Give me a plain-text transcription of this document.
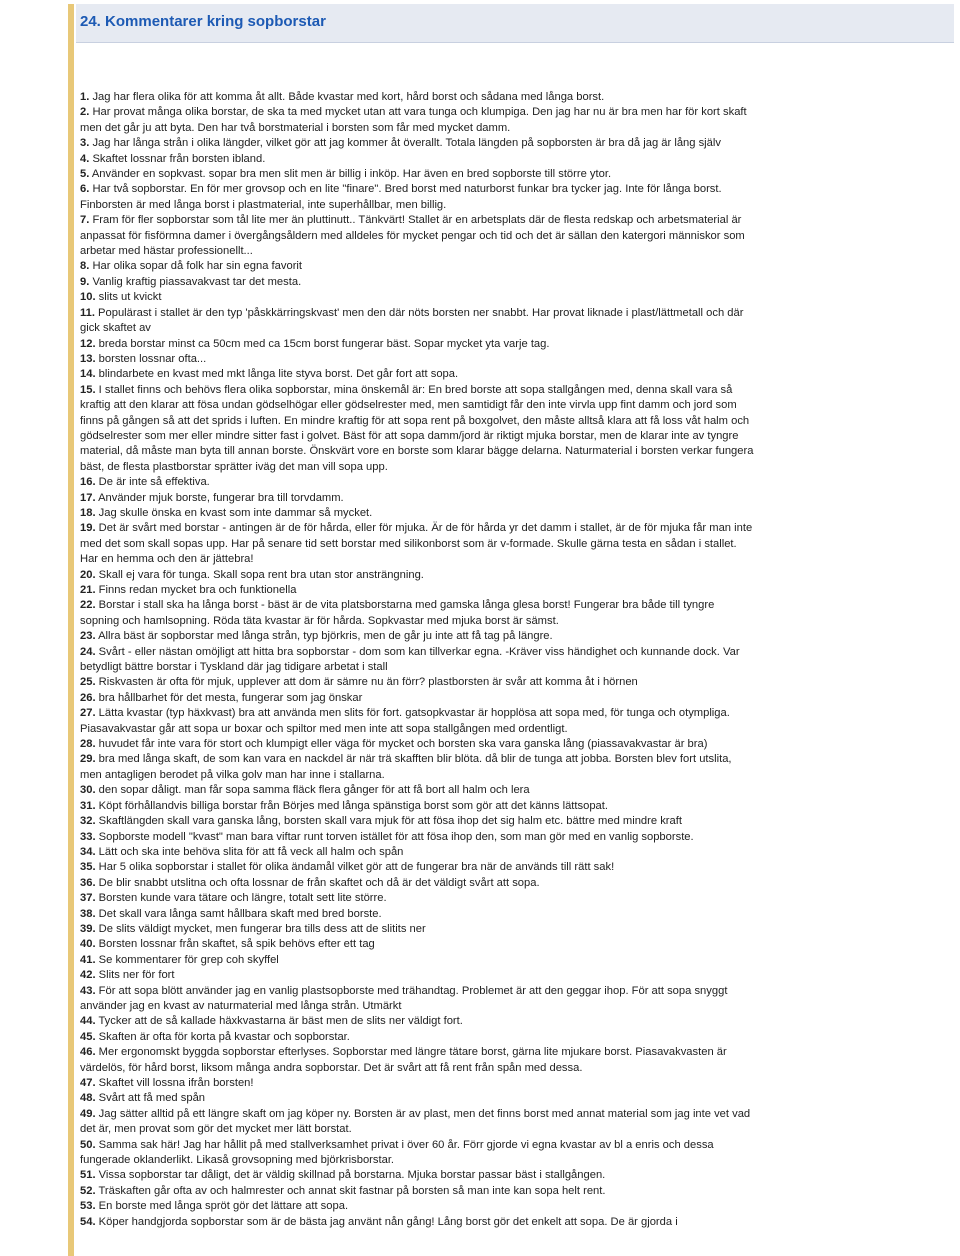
24. Kommentarer kring sopborstar

1. Jag har flera olika för att komma åt allt. Både kvastar med kort, hård borst och sådana med långa borst.

2. Har provat många olika borstar, de ska ta med mycket utan att vara tunga och klumpiga. Den jag har nu är bra men har för kort skaft men det går ju att byta. Den har två borstmaterial i borsten som får med mycket damm.

3. Jag har långa strån i olika längder, vilket gör att jag kommer åt överallt. Totala längden på sopborsten är bra då jag är lång själv

4. Skaftet lossnar från borsten ibland.

5. Använder en sopkvast. sopar bra men slit men är billig i inköp. Har även en bred sopborste till större ytor.

6. Har två sopborstar. En för mer grovsop och en lite "finare". Bred borst med naturborst funkar bra tycker jag. Inte för långa borst. Finborsten är med långa borst i plastmaterial, inte superhållbar, men billig.

7. Fram för fler sopborstar som tål lite mer än pluttinutt.. Tänkvärt! Stallet är en arbetsplats där de flesta redskap och arbetsmaterial är anpassat för fisförmna damer i övergångsåldern med alldeles för mycket pengar och tid och det är sällan den katergori människor som arbetar med hästar professionellt...

8. Har olika sopar då folk har sin egna favorit

9. Vanlig kraftig piassavakvast tar det mesta.

10. slits ut kvickt

11. Populärast i stallet är den typ 'påskkärringskvast' men den där nöts borsten ner snabbt. Har provat liknade i plast/lättmetall och där gick skaftet av

12. breda borstar minst ca 50cm med ca 15cm borst fungerar bäst. Sopar mycket yta varje tag.

13. borsten lossnar ofta...

14. blindarbete en kvast med mkt långa lite styva borst. Det går fort att sopa.

15. I stallet finns och behövs flera olika sopborstar, mina önskemål är: En bred borste att sopa stallgången med, denna skall vara så kraftig att den klarar att fösa undan gödselhögar eller gödselrester med, men samtidigt får den inte virvla upp fint damm och jord som finns på gången så att det sprids i luften. En mindre kraftig för att sopa rent på boxgolvet, den måste alltså klara att få loss våt halm och gödselrester som mer eller mindre sitter fast i golvet. Bäst för att sopa damm/jord är riktigt mjuka borstar, men de klarar inte av tyngre material, då måste man byta till annan borste. Önskvärt vore en borste som klarar bägge delarna. Naturmaterial i borsten verkar fungera bäst, de flesta plastborstar sprätter iväg det man vill sopa upp.

16. De är inte så effektiva.

17. Använder mjuk borste, fungerar bra till torvdamm.

18. Jag skulle önska en kvast som inte dammar så mycket.

19. Det är svårt med borstar - antingen är de för hårda, eller för mjuka. Är de för hårda yr det damm i stallet, är de för mjuka får man inte med det som skall sopas upp. Har på senare tid sett borstar med silikonborst som är v-formade. Skulle gärna testa en sådan i stallet. Har en hemma och den är jättebra!

20. Skall ej vara för tunga. Skall sopa rent bra utan stor ansträngning.

21. Finns redan mycket bra och funktionella

22. Borstar i stall ska ha långa borst - bäst är de vita platsborstarna med gamska långa glesa borst! Fungerar bra både till tyngre sopning och hamlsopning. Röda täta kvastar är för hårda. Sopkvastar med mjuka borst är sämst.

23. Allra bäst är sopborstar med långa strån, typ björkris, men de går ju inte att få tag på längre.

24. Svårt - eller nästan omöjligt att hitta bra sopborstar - dom som kan tillverkar egna. -Kräver viss händighet och kunnande dock. Var betydligt bättre borstar i Tyskland där jag tidigare arbetat i stall

25. Riskvasten är ofta för mjuk, upplever att dom är sämre nu än förr? plastborsten är svår att komma åt i hörnen

26. bra hållbarhet för det mesta, fungerar som jag önskar

27. Lätta kvastar (typ häxkvast) bra att använda men slits för fort. gatsopkvastar är hopplösa att sopa med, för tunga och otympliga. Piasavakvastar går att sopa ur boxar och spiltor med men inte att sopa stallgången med ordentligt.

28. huvudet får inte vara för stort och klumpigt eller väga för mycket och borsten ska vara ganska lång (piassavakvastar är bra)

29. bra med långa skaft, de som kan vara en nackdel är när trä skafften blir blöta. då blir de tunga att jobba. Borsten blev fort utslita, men antagligen berodet på vilka golv man har inne i stallarna.

30. den sopar dåligt. man får sopa samma fläck flera gånger för att få bort all halm och lera

31. Köpt förhållandvis billiga borstar från Börjes med långa spänstiga borst som gör att det känns lättsopat.

32. Skaftlängden skall vara ganska lång, borsten skall vara mjuk för att fösa ihop det sig halm etc. bättre med mindre kraft

33. Sopborste modell "kvast" man bara viftar runt torven istället för att fösa ihop den, som man gör med en vanlig sopborste.

34. Lätt och ska inte behöva slita för att få veck all halm och spån

35. Har 5 olika sopborstar i stallet för olika ändamål vilket gör att de fungerar bra när de används till rätt sak!

36. De blir snabbt utslitna och ofta lossnar de från skaftet och då är det väldigt svårt att sopa.

37. Borsten kunde vara tätare och längre, totalt sett lite större.

38. Det skall vara långa samt hållbara skaft med bred borste.

39. De slits väldigt mycket, men fungerar bra tills dess att de slitits ner

40. Borsten lossnar från skaftet, så spik behövs efter ett tag

41. Se kommentarer för grep coh skyffel

42. Slits ner för fort

43. För att sopa blött använder jag en vanlig plastsopborste med trähandtag. Problemet är att den geggar ihop. För att sopa snyggt använder jag en kvast av naturmaterial med långa strån. Utmärkt

44. Tycker att de så kallade häxkvastarna är bäst men de slits ner väldigt fort.

45. Skaften är ofta för korta på kvastar och sopborstar.

46. Mer ergonomskt byggda sopborstar efterlyses. Sopborstar med längre tätare borst, gärna lite mjukare borst. Piasavakvasten är värdelös, för hård borst, liksom många andra sopborstar. Det är svårt att få rent från spån med dessa.

47. Skaftet vill lossna ifrån borsten!

48. Svårt att få med spån

49. Jag sätter alltid på ett längre skaft om jag köper ny. Borsten är av plast, men det finns borst med annat material som jag inte vet vad det är, men provat som gör det mycket mer lätt borstat.

50. Samma sak här! Jag har hållit på med stallverksamhet privat i över 60 år. Förr gjorde vi egna kvastar av bl a enris och dessa fungerade oklanderlikt. Likaså grovsopning med björkrisborstar.

51. Vissa sopborstar tar dåligt, det är väldig skillnad på borstarna. Mjuka borstar passar bäst i stallgången.

52. Träskaften går ofta av och halmrester och annat skit fastnar på borsten så man inte kan sopa helt rent.

53. En borste med långa spröt gör det lättare att sopa.

54. Köper handgjorda sopborstar som är de bästa jag använt nån gång! Lång borst gör det enkelt att sopa. De är gjorda i
